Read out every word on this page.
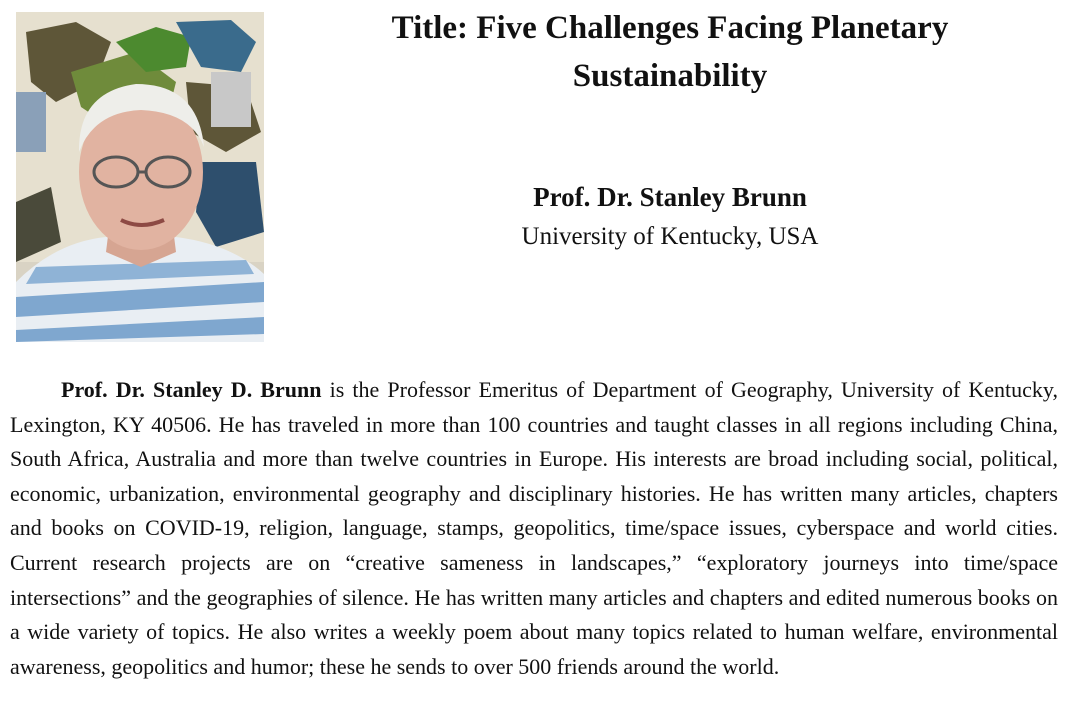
Title: Five Challenges Facing Planetary
Sustainability

Prof. Dr. Stanley Brunn

University of Kentucky, USA

Prof. Dr. Stanley D. Brunn is the Professor Emeritus of Department of Geography, University of Kentucky, Lexington, KY 40506. He has traveled in more than 100 countries and taught classes in all regions including China, South Africa, Australia and more than twelve countries in Europe. His interests are broad including social, political, economic, urbanization, environmental geography and disciplinary histories. He has written many articles, chapters and books on COVID-19, religion, language, stamps, geopolitics, time/space issues, cyberspace and world cities. Current research projects are on “creative sameness in landscapes,” “exploratory journeys into time/space intersections” and the geographies of silence. He has written many articles and chapters and edited numerous books on a wide variety of topics. He also writes a weekly poem about many topics related to human welfare, environmental awareness, geopolitics and humor; these he sends to over 500 friends around the world.
